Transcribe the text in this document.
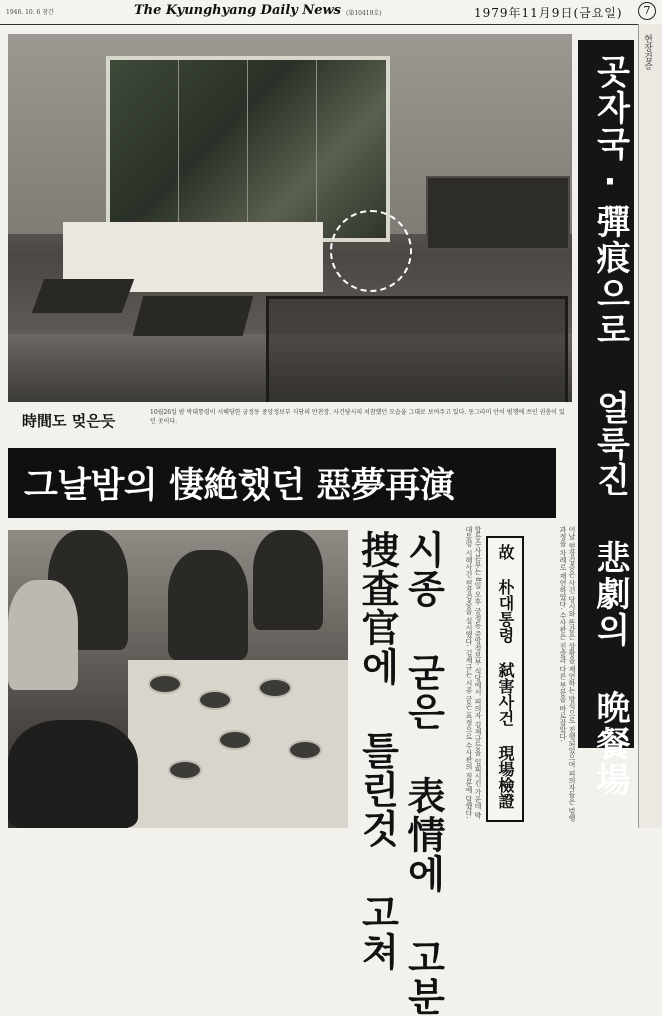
1946. 10. 6 창간	The Kyunghyang Daily News (第10419호)	1979年11月9日(금요일)	7
時間도 멎은듯	10월26일 밤 박대통령이 시해당한 궁정동 중앙정보부 식당의 만찬장. 사건당시의 처참했던 모습을 그대로 보여주고 있다. 동그라미 안이 범행에 쓰인 권총이 있던 곳이다.
그날밤의 悽絶했던 惡夢再演	곳자국·彈痕으로 얼룩진 悲劇의 晩餐場
현장검증
捜査官에 틀린것 고쳐 시종 굳은 表情에 고분	합동수사본부는 8일 오후 궁정동 중앙정보부 식당에서 피의자 김재규등을 입회시킨 가운데 박대통령 시해사건 현장검증을 실시했다. 김재규는 시종 굳은 표정으로 수사관의 질문에 답했다.	故 朴대통령 弑害사건 現場檢證	이날 현장검증은 사건 당시와 똑같은 상황을 재연하는 방식으로 진행되었으며 피의자들은 범행 과정을 차례로 재연하였다. 수사관은 진술과 다른 부분을 바로잡았다.
